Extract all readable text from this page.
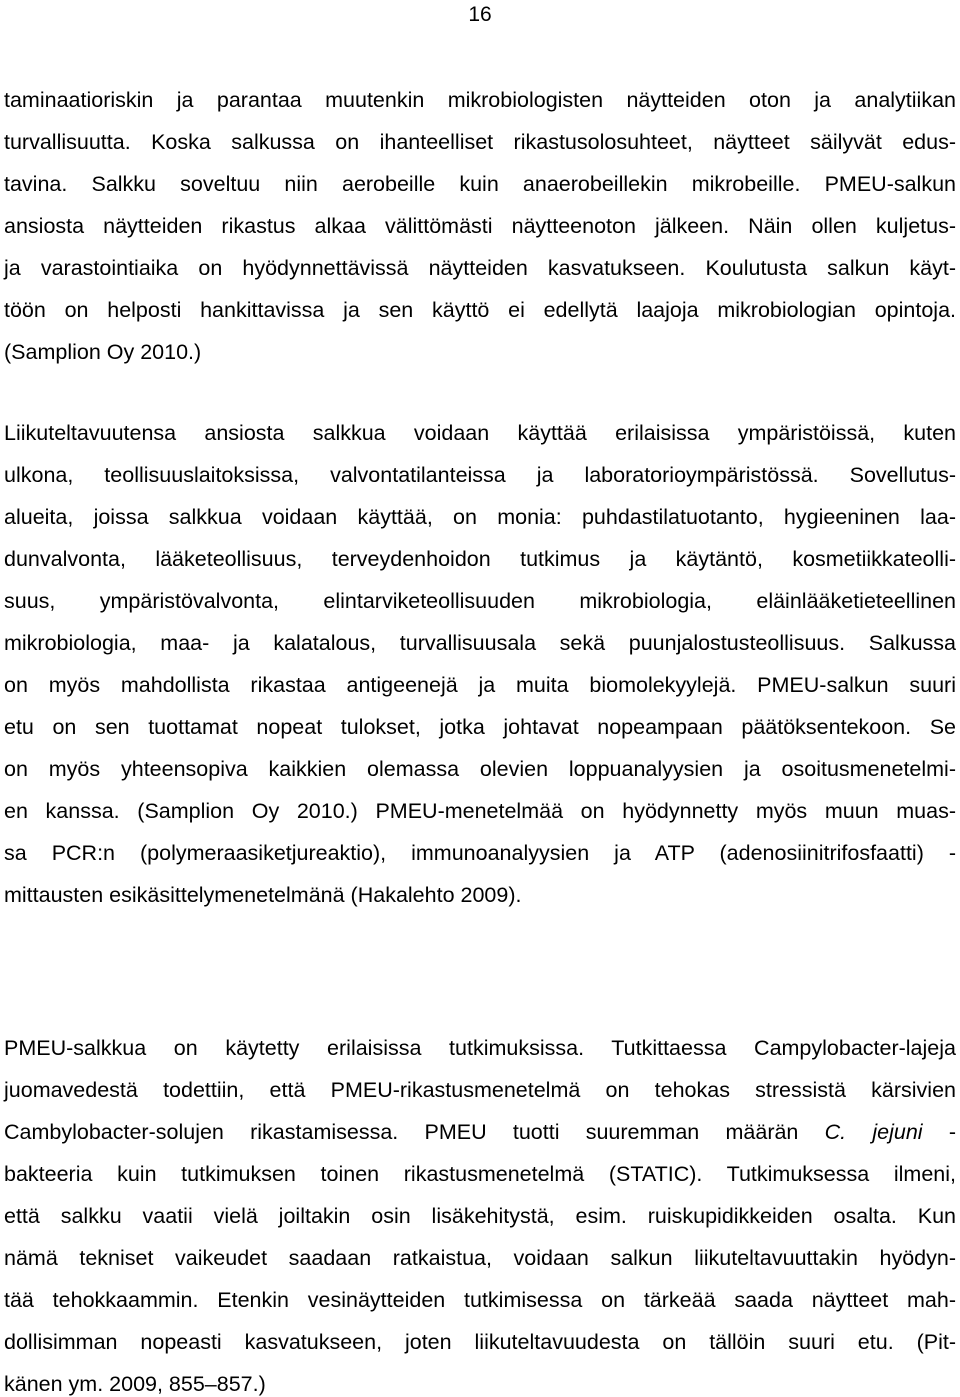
16
taminaatioriskin ja parantaa muutenkin mikrobiologisten näytteiden oton ja analytiikan
turvallisuutta. Koska salkussa on ihanteelliset rikastusolosuhteet, näytteet säilyvät edus-
tavina. Salkku soveltuu niin aerobeille kuin anaerobeillekin mikrobeille. PMEU-salkun
ansiosta näytteiden rikastus alkaa välittömästi näytteenoton jälkeen. Näin ollen kuljetus-
ja varastointiaika on hyödynnettävissä näytteiden kasvatukseen. Koulutusta salkun käyt-
töön on helposti hankittavissa ja sen käyttö ei edellytä laajoja mikrobiologian opintoja.
(Samplion Oy 2010.)
Liikuteltavuutensa ansiosta salkkua voidaan käyttää erilaisissa ympäristöissä, kuten
ulkona, teollisuuslaitoksissa, valvontatilanteissa ja laboratorioympäristössä. Sovellutus-
alueita, joissa salkkua voidaan käyttää, on monia: puhdastilatuotanto, hygieeninen laa-
dunvalvonta, lääketeollisuus, terveydenhoidon tutkimus ja käytäntö, kosmetiikkateolli-
suus, ympäristövalvonta, elintarviketeollisuuden mikrobiologia, eläinlääketieteellinen
mikrobiologia, maa- ja kalatalous, turvallisuusala sekä puunjalostusteollisuus. Salkussa
on myös mahdollista rikastaa antigeenejä ja muita biomolekyylejä. PMEU-salkun suuri
etu on sen tuottamat nopeat tulokset, jotka johtavat nopeampaan päätöksentekoon. Se
on myös yhteensopiva kaikkien olemassa olevien loppuanalyysien ja osoitusmenetelmi-
en kanssa. (Samplion Oy 2010.) PMEU-menetelmää on hyödynnetty myös muun muas-
sa PCR:n (polymeraasiketjureaktio), immunoanalyysien ja ATP (adenosiinitrifosfaatti) -
mittausten esikäsittelymenetelmänä (Hakalehto 2009).
PMEU-salkkua on käytetty erilaisissa tutkimuksissa. Tutkittaessa Campylobacter-lajeja
juomavedestä todettiin, että PMEU-rikastusmenetelmä on tehokas stressistä kärsivien
Cambylobacter-solujen rikastamisessa. PMEU tuotti suuremman määrän C. jejuni -
bakteeria kuin tutkimuksen toinen rikastusmenetelmä (STATIC). Tutkimuksessa ilmeni,
että salkku vaatii vielä joiltakin osin lisäkehitystä, esim. ruiskupidikkeiden osalta. Kun
nämä tekniset vaikeudet saadaan ratkaistua, voidaan salkun liikuteltavuuttakin hyödyn-
tää tehokkaammin. Etenkin vesinäytteiden tutkimisessa on tärkeää saada näytteet mah-
dollisimman nopeasti kasvatukseen, joten liikuteltavuudesta on tällöin suuri etu. (Pit-
känen ym. 2009, 855–857.)
